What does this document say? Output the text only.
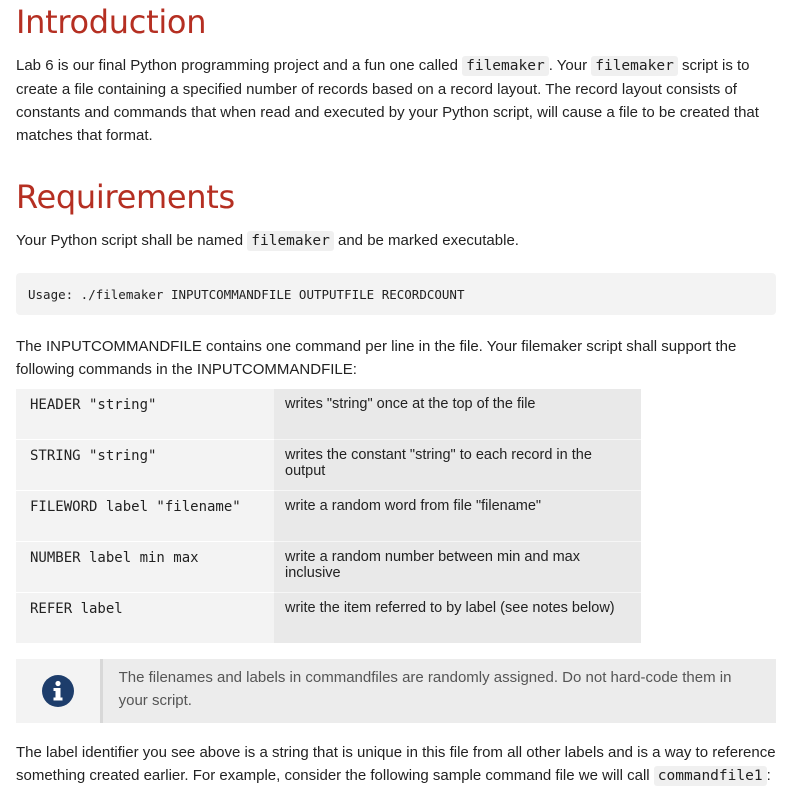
Introduction

Lab 6 is our final Python programming project and a fun one called filemaker . Your filemaker script is to create a file containing a specified number of records based on a record layout. The record layout consists of constants and commands that when read and executed by your Python script, will cause a file to be created that matches that format.

Requirements

Your Python script shall be named filemaker and be marked executable.

Usage: ./filemaker INPUTCOMMANDFILE OUTPUTFILE RECORDCOUNT

The INPUTCOMMANDFILE contains one command per line in the file. Your filemaker script shall support the following commands in the INPUTCOMMANDFILE:

HEADER "string"	writes "string" once at the top of the file
STRING "string"	writes the constant "string" to each record in the output
FILEWORD label "filename"	write a random word from file "filename"
NUMBER label min max	write a random number between min and max inclusive
REFER label	write the item referred to by label (see notes below)
The filenames and labels in commandfiles are randomly assigned. Do not hard-code them in your script.

The label identifier you see above is a string that is unique in this file from all other labels and is a way to reference something created earlier. For example, consider the following sample command file we will call commandfile1 :
